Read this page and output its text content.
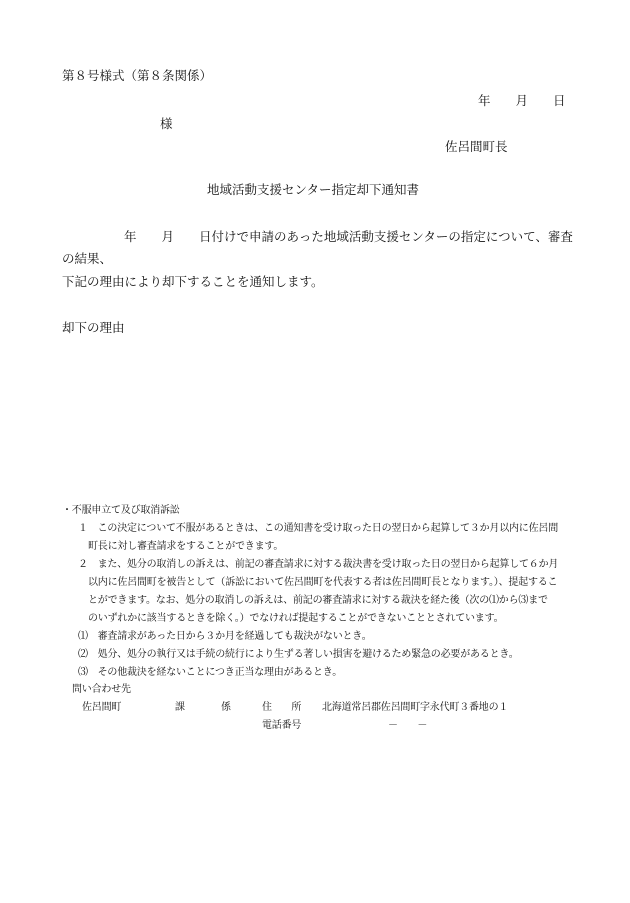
第８号様式（第８条関係）
年　　月　　日
様
佐呂間町長
地域活動支援センター指定却下通知書
年　　月　　日付けで申請のあった地域活動支援センターの指定について、審査
の結果、
下記の理由により却下することを通知します。
却下の理由
・不服申立て及び取消訴訟
１　この決定について不服があるときは、この通知書を受け取った日の翌日から起算して３か月以内に佐呂間
町長に対し審査請求をすることができます。
２　また、処分の取消しの訴えは、前記の審査請求に対する裁決書を受け取った日の翌日から起算して６か月
以内に佐呂間町を被告として（訴訟において佐呂間町を代表する者は佐呂間町長となります。）、提起するこ
とができます。なお、処分の取消しの訴えは、前記の審査請求に対する裁決を経た後（次の⑴から⑶まで
のいずれかに該当するときを除く。）でなければ提起することができないこととされています。
⑴　審査請求があった日から３か月を経過しても裁決がないとき。
⑵　処分、処分の執行又は手続の続行により生ずる著しい損害を避けるため緊急の必要があるとき。
⑶　その他裁決を経ないことにつき正当な理由があるとき。
問い合わせ先
佐呂間町	課	係	住　　所 北海道常呂郡佐呂間町字永代町３番地の１
電話番号	－　　－
